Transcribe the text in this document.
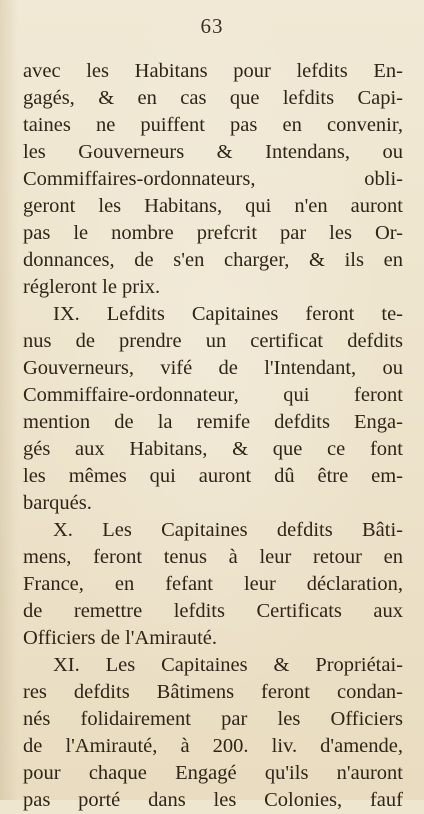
63
avec les Habitans pour lefdits En-
gagés, & en cas que lefdits Capi-
taines ne puiffent pas en convenir,
les Gouverneurs & Intendans, ou
Commiffaires-ordonnateurs, obli-
geront les Habitans, qui n'en auront
pas le nombre prefcrit par les Or-
donnances, de s'en charger, & ils en
régleront le prix.
IX. Lefdits Capitaines feront te-
nus de prendre un certificat defdits
Gouverneurs, vifé de l'Intendant, ou
Commiffaire-ordonnateur, qui feront
mention de la remife defdits Enga-
gés aux Habitans, & que ce font
les mêmes qui auront dû être em-
barqués.
X. Les Capitaines defdits Bâti-
mens, feront tenus à leur retour en
France, en fefant leur déclaration,
de remettre lefdits Certificats aux
Officiers de l'Amirauté.
XI. Les Capitaines & Propriétai-
res defdits Bâtimens feront condan-
nés folidairement par les Officiers
de l'Amirauté, à 200. liv. d'amende,
pour chaque Engagé qu'ils n'auront
pas porté dans les Colonies, fauf
